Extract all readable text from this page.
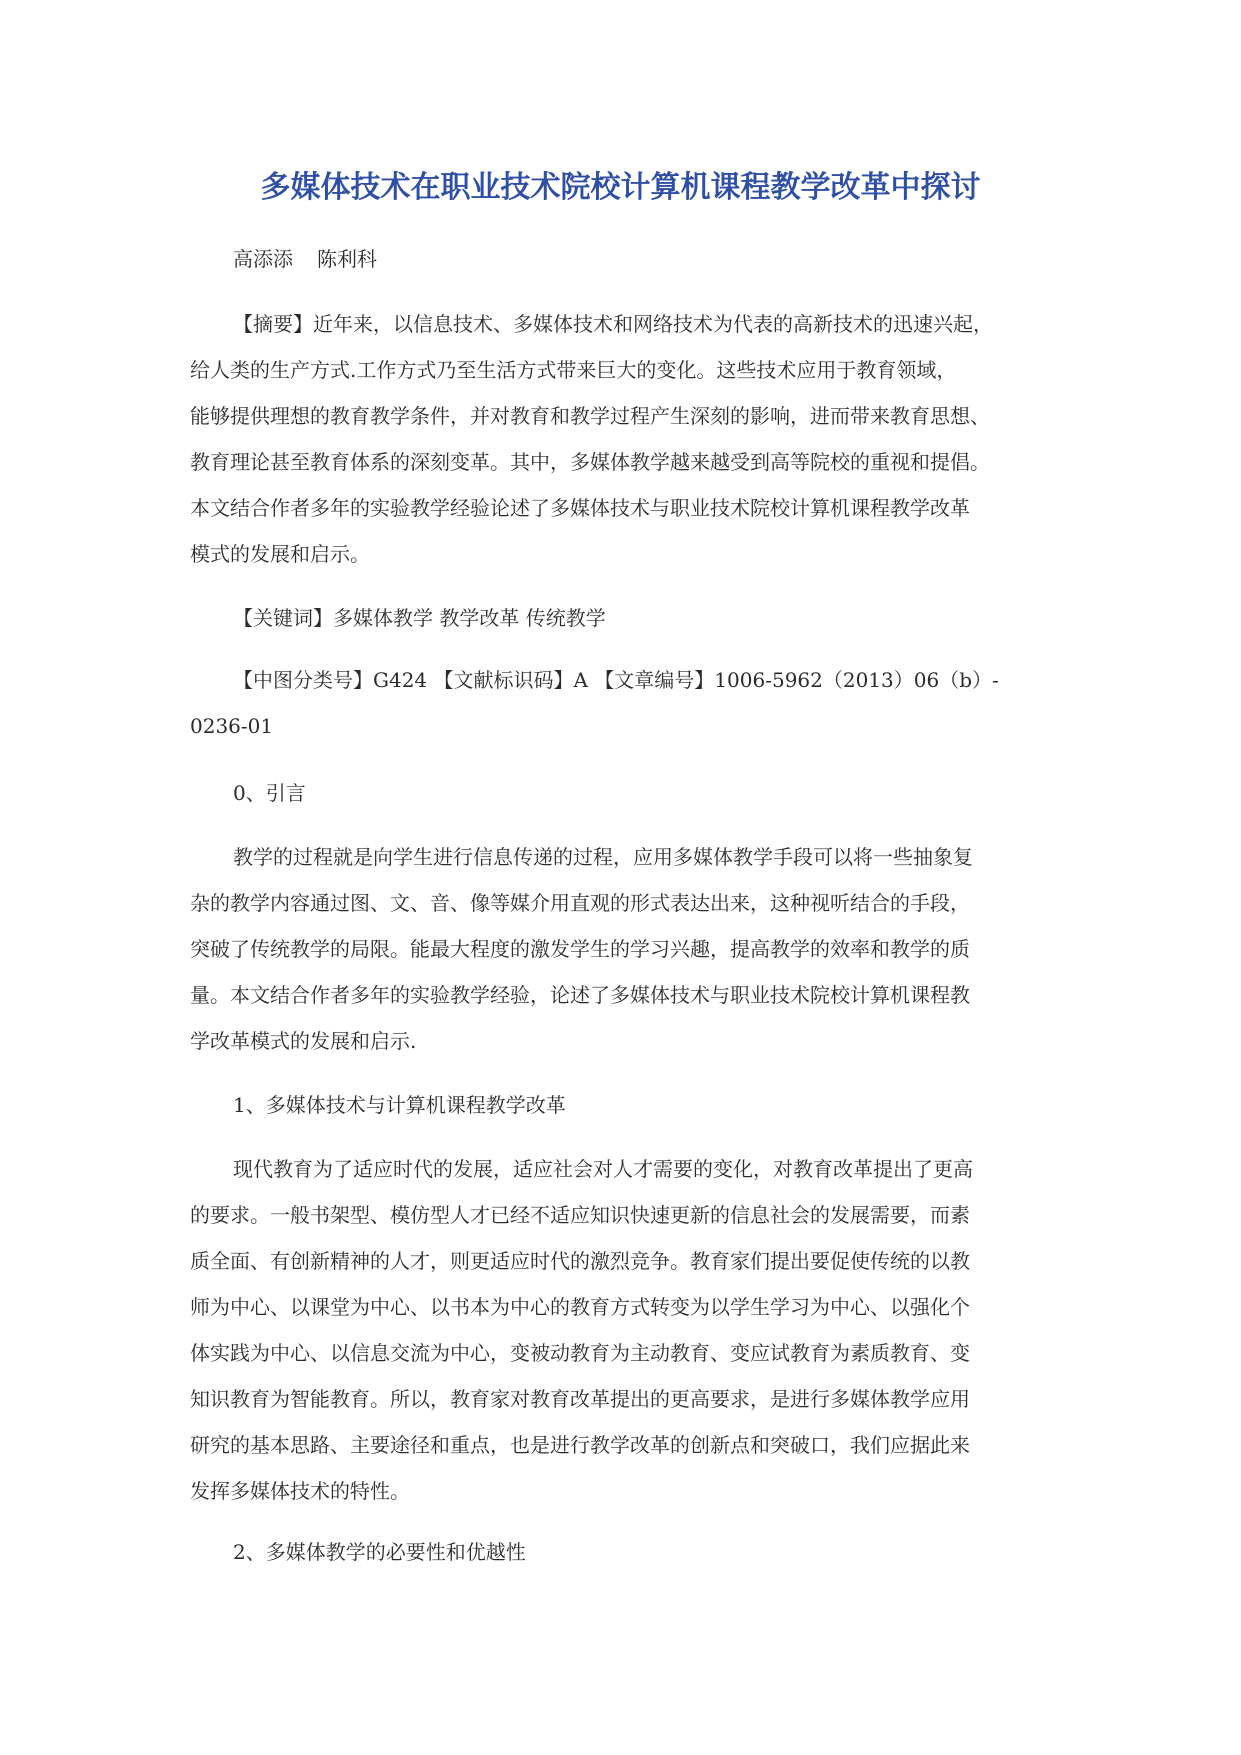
多媒体技术在职业技术院校计算机课程教学改革中探讨
高添添 陈利科
【摘要】近年来，以信息技术、多媒体技术和网络技术为代表的高新技术的迅速兴起，
给人类的生产方式.工作方式乃至生活方式带来巨大的变化。这些技术应用于教育领域，
能够提供理想的教育教学条件，并对教育和教学过程产生深刻的影响，进而带来教育思想、
教育理论甚至教育体系的深刻变革。其中，多媒体教学越来越受到高等院校的重视和提倡。
本文结合作者多年的实验教学经验论述了多媒体技术与职业技术院校计算机课程教学改革
模式的发展和启示。
【关键词】多媒体教学 教学改革 传统教学
【中图分类号】G424 【文献标识码】A 【文章编号】1006-5962（2013）06（b）-
0236-01
0、引言
教学的过程就是向学生进行信息传递的过程，应用多媒体教学手段可以将一些抽象复
杂的教学内容通过图、文、音、像等媒介用直观的形式表达出来，这种视听结合的手段，
突破了传统教学的局限。能最大程度的激发学生的学习兴趣，提高教学的效率和教学的质
量。本文结合作者多年的实验教学经验，论述了多媒体技术与职业技术院校计算机课程教
学改革模式的发展和启示.
1、多媒体技术与计算机课程教学改革
现代教育为了适应时代的发展，适应社会对人才需要的变化，对教育改革提出了更高
的要求。一般书架型、模仿型人才已经不适应知识快速更新的信息社会的发展需要，而素
质全面、有创新精神的人才，则更适应时代的激烈竞争。教育家们提出要促使传统的以教
师为中心、以课堂为中心、以书本为中心的教育方式转变为以学生学习为中心、以强化个
体实践为中心、以信息交流为中心，变被动教育为主动教育、变应试教育为素质教育、变
知识教育为智能教育。所以，教育家对教育改革提出的更高要求，是进行多媒体教学应用
研究的基本思路、主要途径和重点，也是进行教学改革的创新点和突破口，我们应据此来
发挥多媒体技术的特性。
2、多媒体教学的必要性和优越性
